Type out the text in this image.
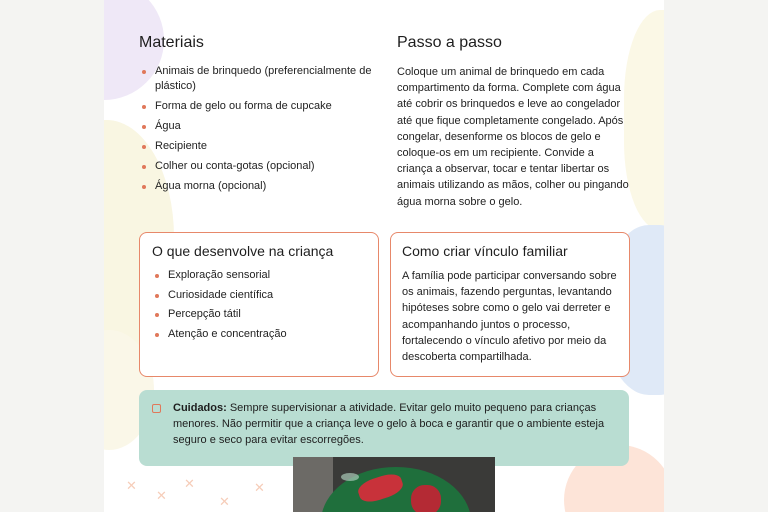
✕
✕
✕
✕
✕
Materiais
Animais de brinquedo (preferencialmente de plástico)
Forma de gelo ou forma de cupcake
Água
Recipiente
Colher ou conta-gotas (opcional)
Água morna (opcional)
Passo a passo

Coloque um animal de brinquedo em cada compartimento da forma. Complete com água até cobrir os brinquedos e leve ao congelador até que fique completamente congelado. Após congelar, desenforme os blocos de gelo e coloque-os em um recipiente. Convide a criança a observar, tocar e tentar libertar os animais utilizando as mãos, colher ou pingando água morna sobre o gelo.

O que desenvolve na criança
Exploração sensorial
Curiosidade científica
Percepção tátil
Atenção e concentração
Como criar vínculo familiar

A família pode participar conversando sobre os animais, fazendo perguntas, levantando hipóteses sobre como o gelo vai derreter e acompanhando juntos o processo, fortalecendo o vínculo afetivo por meio da descoberta compartilhada.

Cuidados: Sempre supervisionar a atividade. Evitar gelo muito pequeno para crianças menores. Não permitir que a criança leve o gelo à boca e garantir que o ambiente esteja seguro e seco para evitar escorregões.
